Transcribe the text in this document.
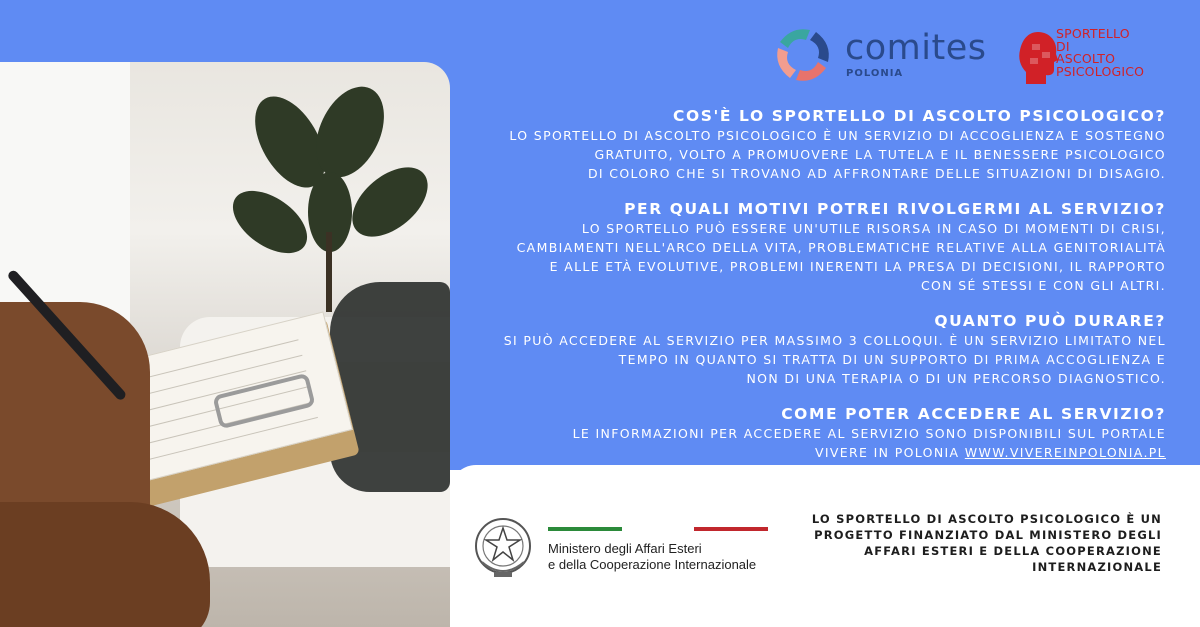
comites
POLONIA
SPORTELLO
DI
ASCOLTO
PSICOLOGICO
COS'È LO SPORTELLO DI ASCOLTO PSICOLOGICO?
LO SPORTELLO DI ASCOLTO PSICOLOGICO È UN SERVIZIO DI ACCOGLIENZA E SOSTEGNO
GRATUITO, VOLTO A PROMUOVERE LA TUTELA E IL BENESSERE PSICOLOGICO
DI COLORO CHE SI TROVANO AD AFFRONTARE DELLE SITUAZIONI DI DISAGIO.
PER QUALI MOTIVI POTREI RIVOLGERMI AL SERVIZIO?
LO SPORTELLO PUÒ ESSERE UN'UTILE RISORSA IN CASO DI MOMENTI DI CRISI,
CAMBIAMENTI NELL'ARCO DELLA VITA, PROBLEMATICHE RELATIVE ALLA GENITORIALITÀ
E ALLE ETÀ EVOLUTIVE, PROBLEMI INERENTI LA PRESA DI DECISIONI, IL RAPPORTO
CON SÉ STESSI E CON GLI ALTRI.
QUANTO PUÒ DURARE?
SI PUÒ ACCEDERE AL SERVIZIO PER MASSIMO 3 COLLOQUI. È UN SERVIZIO LIMITATO NEL
TEMPO IN QUANTO SI TRATTA DI UN SUPPORTO DI PRIMA ACCOGLIENZA E
NON DI UNA TERAPIA O DI UN PERCORSO DIAGNOSTICO.
COME POTER ACCEDERE AL SERVIZIO?
LE INFORMAZIONI PER ACCEDERE AL SERVIZIO SONO DISPONIBILI SUL PORTALE
VIVERE IN POLONIA WWW.VIVEREINPOLONIA.PL
Ministero degli Affari Esteri
e della Cooperazione Internazionale
LO SPORTELLO DI ASCOLTO PSICOLOGICO È UN
PROGETTO FINANZIATO DAL MINISTERO DEGLI
AFFARI ESTERI E DELLA COOPERAZIONE
INTERNAZIONALE
